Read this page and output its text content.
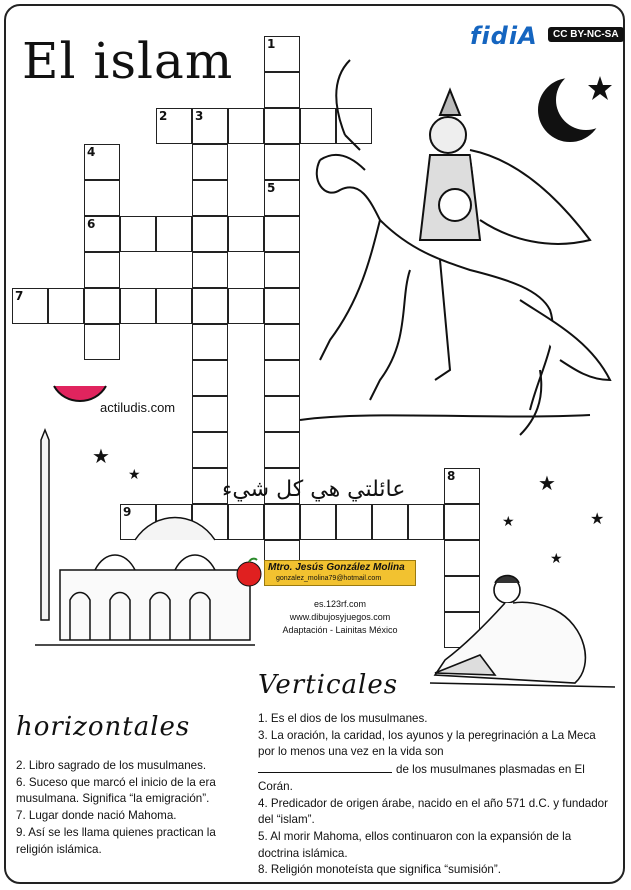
El islam	fidiA	CC BY-NC-SA
1
2 3
4
5
6
7
8
9
★
★	★
★	★
★
actiludis.com
عائلتي هي كل شيء
Mtro. Jesús González Molina
gonzalez_molina79@hotmail.com
es.123rf.com
www.dibujosyjuegos.com
Adaptación - Lainitas México
Verticales
horizontales	1. Es el dios de los musulmanes.
3. La oración, la caridad, los ayunos y la peregrinación a La Meca por lo menos una vez en la vida son
de los musulmanes plasmadas en El Corán.
4. Predicador de origen árabe, nacido en el año 571 d.C. y fundador del “islam”.
5. Al morir Mahoma, ellos continuaron con la expansión de la doctrina islámica.
8. Religión monoteísta que significa “sumisión”.
2. Libro sagrado de los musulmanes.
6. Suceso que marcó el inicio de la era musulmana. Significa “la emigración”.
7. Lugar donde nació Mahoma.
9. Así se les llama quienes practican la religión islámica.
